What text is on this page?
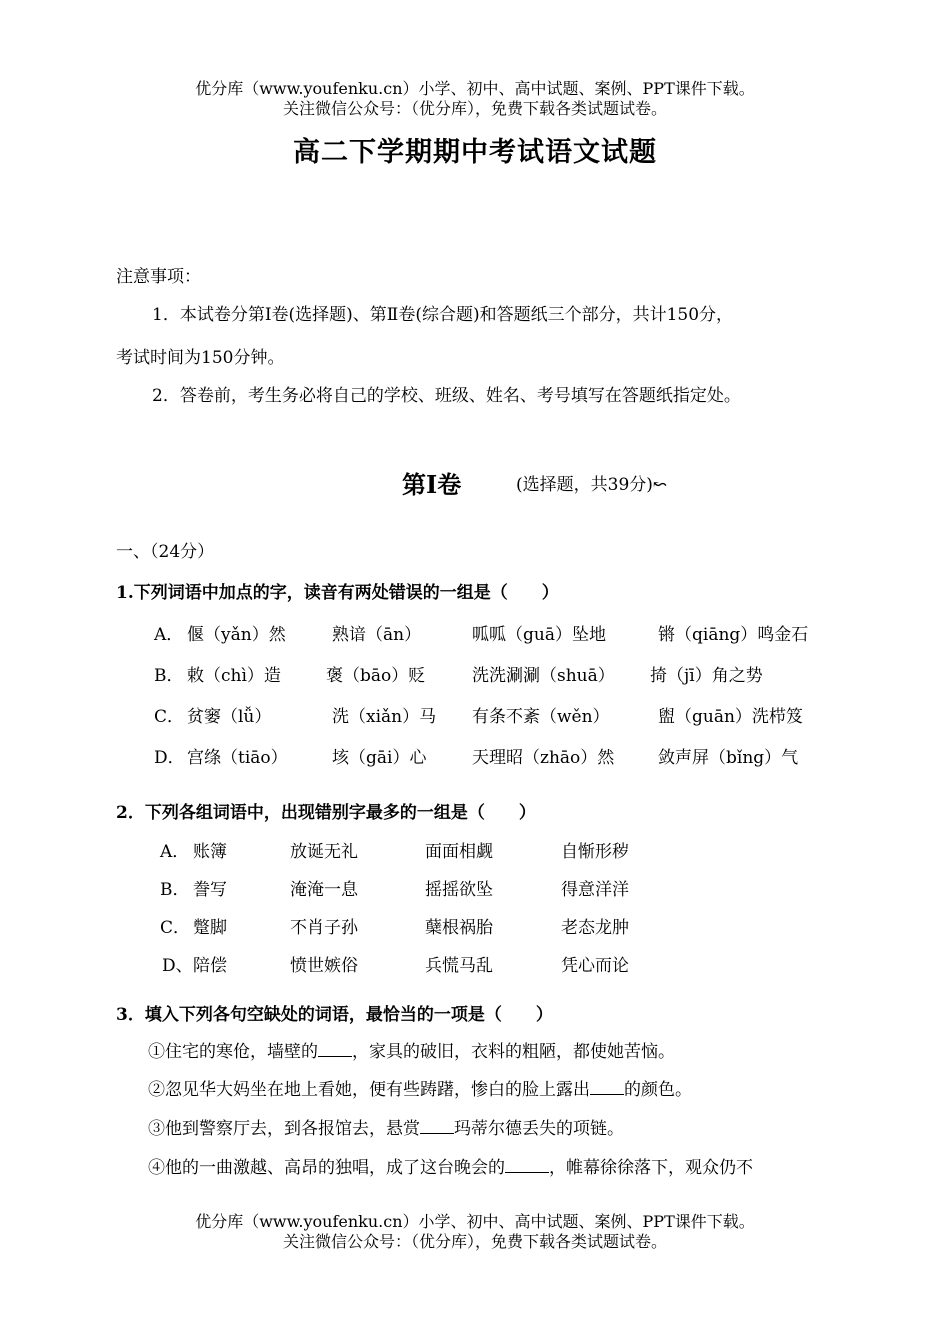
优分库（www.youfenku.cn）小学、初中、高中试题、案例、PPT课件下载。
关注微信公众号：（优分库），免费下载各类试题试卷。
高二下学期期中考试语文试题
注意事项：
1．本试卷分第Ⅰ卷(选择题)、第Ⅱ卷(综合题)和答题纸三个部分，共计150分，
考试时间为150分钟。
2．答卷前，考生务必将自己的学校、班级、姓名、考号填写在答题纸指定处。
第Ⅰ卷	(选择题，共39分)↜
一、（24分）
1.下列词语中加点的字，读音有两处错误的一组是（　　）
A． 偃（yǎn）然	熟谙（ān）	呱呱（guā）坠地	锵（qiāng）鸣金石
B． 敕（chì）造	褒（bāo）贬	洗洗涮涮（shuā） 掎（jī）角之势
C． 贫窭（lǚ）	洗（xiǎn）马 有条不紊（wěn）	盥（guān）洗栉笈
D． 宫绦（tiāo）	垓（gāi）心	天理昭（zhāo）然	敛声屏（bǐng）气
2．下列各组词语中，出现错别字最多的一组是（　　）
A． 账簿	放诞无礼	面面相觑	自惭形秽
B． 誊写	淹淹一息	摇摇欲坠	得意洋洋
C． 蹩脚	不肖子孙	蘖根祸胎	老态龙肿
D、 陪偿	愤世嫉俗	兵慌马乱	凭心而论
3．填入下列各句空缺处的词语，最恰当的一项是（　　）
①住宅的寒伧，墙壁的 ，家具的破旧，衣料的粗陋，都使她苦恼。
②忽见华大妈坐在地上看她，便有些踌躇，惨白的脸上露出 的颜色。
③他到警察厅去，到各报馆去，悬赏 玛蒂尔德丢失的项链。
④他的一曲激越、高昂的独唱，成了这台晚会的	，帷幕徐徐落下，观众仍不
优分库（www.youfenku.cn）小学、初中、高中试题、案例、PPT课件下载。
关注微信公众号：（优分库），免费下载各类试题试卷。
